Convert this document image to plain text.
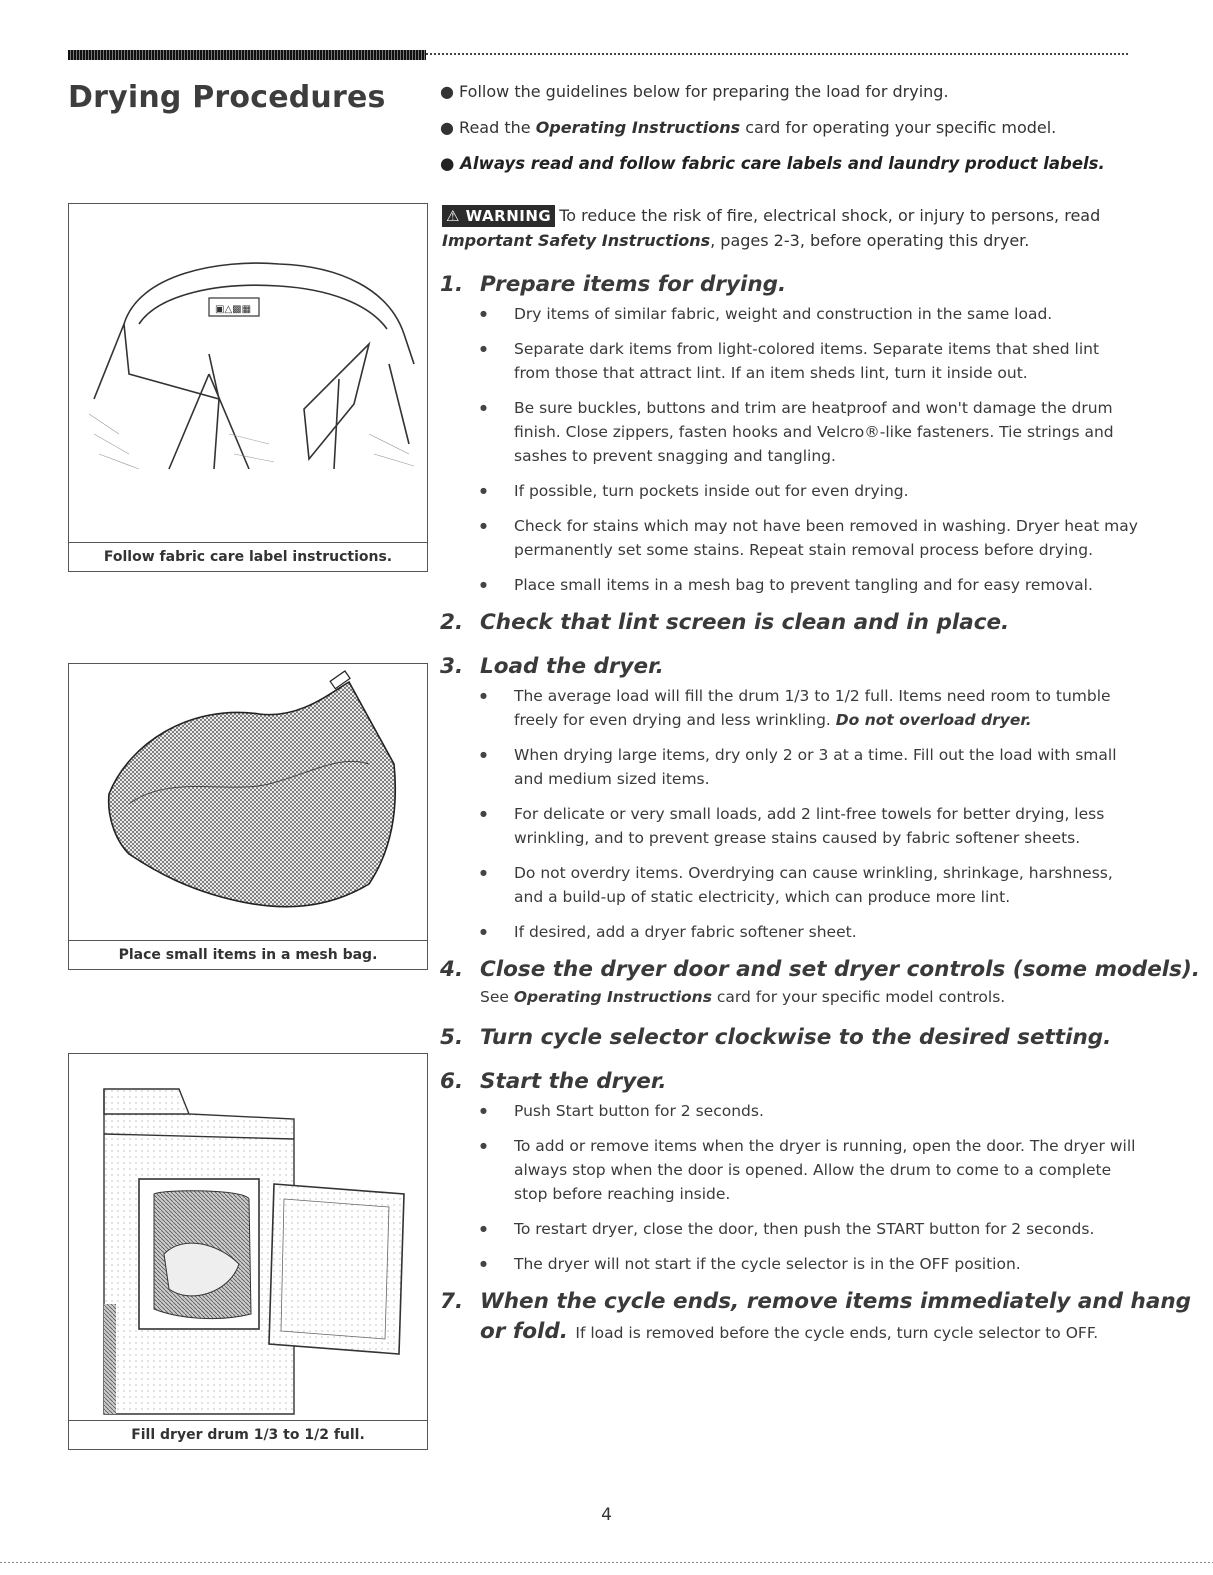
Drying Procedures	● Follow the guidelines below for preparing the load for drying.

● Read the Operating Instructions card for operating your specific model.

● Always read and follow fabric care labels and laundry product labels.

⚠ WARNING To reduce the risk of fire, electrical shock, or injury to persons, read
Important Safety Instructions, pages 2-3, before operating this dryer.
▣△▩▦
Follow fabric care label instructions.
Place small items in a mesh bag.
Fill dryer drum 1/3 to 1/2 full.
1. Prepare items for drying.
● Dry items of similar fabric, weight and construction in the same load.
● Separate dark items from light-colored items. Separate items that shed lint from those that attract lint. If an item sheds lint, turn it inside out.
● Be sure buckles, buttons and trim are heatproof and won't damage the drum finish. Close zippers, fasten hooks and Velcro®-like fasteners. Tie strings and sashes to prevent snagging and tangling.
● If possible, turn pockets inside out for even drying.
● Check for stains which may not have been removed in washing. Dryer heat may permanently set some stains. Repeat stain removal process before drying.
● Place small items in a mesh bag to prevent tangling and for easy removal.
2. Check that lint screen is clean and in place.
3. Load the dryer.
● The average load will fill the drum 1/3 to 1/2 full. Items need room to tumble freely for even drying and less wrinkling. Do not overload dryer.
● When drying large items, dry only 2 or 3 at a time. Fill out the load with small and medium sized items.
● For delicate or very small loads, add 2 lint-free towels for better drying, less wrinkling, and to prevent grease stains caused by fabric softener sheets.
● Do not overdry items. Overdrying can cause wrinkling, shrinkage, harshness, and a build-up of static electricity, which can produce more lint.
● If desired, add a dryer fabric softener sheet.
4. Close the dryer door and set dryer controls (some models).

See Operating Instructions card for your specific model controls.

5. Turn cycle selector clockwise to the desired setting.
6. Start the dryer.
● Push Start button for 2 seconds.
● To add or remove items when the dryer is running, open the door. The dryer will always stop when the door is opened. Allow the drum to come to a complete stop before reaching inside.
● To restart dryer, close the door, then push the START button for 2 seconds.
● The dryer will not start if the cycle selector is in the OFF position.
7. When the cycle ends, remove items immediately and hang

or fold. If load is removed before the cycle ends, turn cycle selector to OFF.

4
